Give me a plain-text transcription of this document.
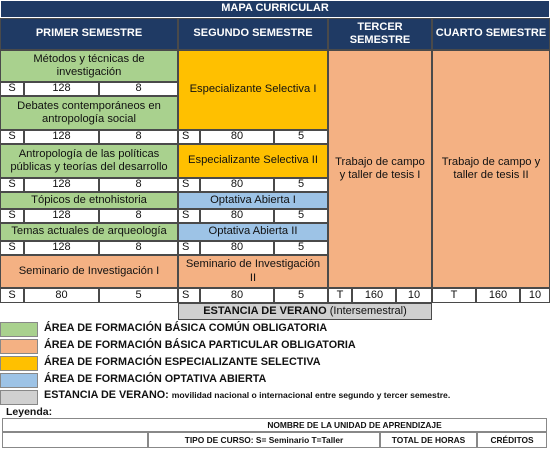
MAPA CURRICULAR
PRIMER SEMESTRE	SEGUNDO SEMESTRE
TERCER SEMESTRE
CUARTO SEMESTRE
Métodos y técnicas de investigación
S	128	8
Debates contemporáneos en antropología social
S	128	8
Antropología de las políticas públicas y teorías del desarrollo
S	128	8
Tópicos de etnohistoria
S	128	8
Temas actuales de arqueología
S	128	8
Seminario de Investigación I
S	80	5
Especializante Selectiva I
S	80	5
Especializante Selectiva II
S	80	5
Optativa Abierta I
S	80	5
Optativa Abierta II
S	80	5
Seminario de Investigación II
S	80	5
Trabajo de campo y taller de tesis I
T 160 10
Trabajo de campo y taller de tesis II
T	160 10
ESTANCIA DE VERANO (Intersemestral)
ÁREA DE FORMACIÓN BÁSICA COMÚN OBLIGATORIA
ÁREA DE FORMACIÓN BÁSICA PARTICULAR OBLIGATORIA
ÁREA DE FORMACIÓN ESPECIALIZANTE SELECTIVA
ÁREA DE FORMACIÓN OPTATIVA ABIERTA
ESTANCIA DE VERANO: movilidad nacional o internacional entre segundo y tercer semestre.
Leyenda:
NOMBRE DE LA UNIDAD DE APRENDIZAJE
TIPO DE CURSO: S= Seminario T=Taller	TOTAL DE HORAS	CRÉDITOS
